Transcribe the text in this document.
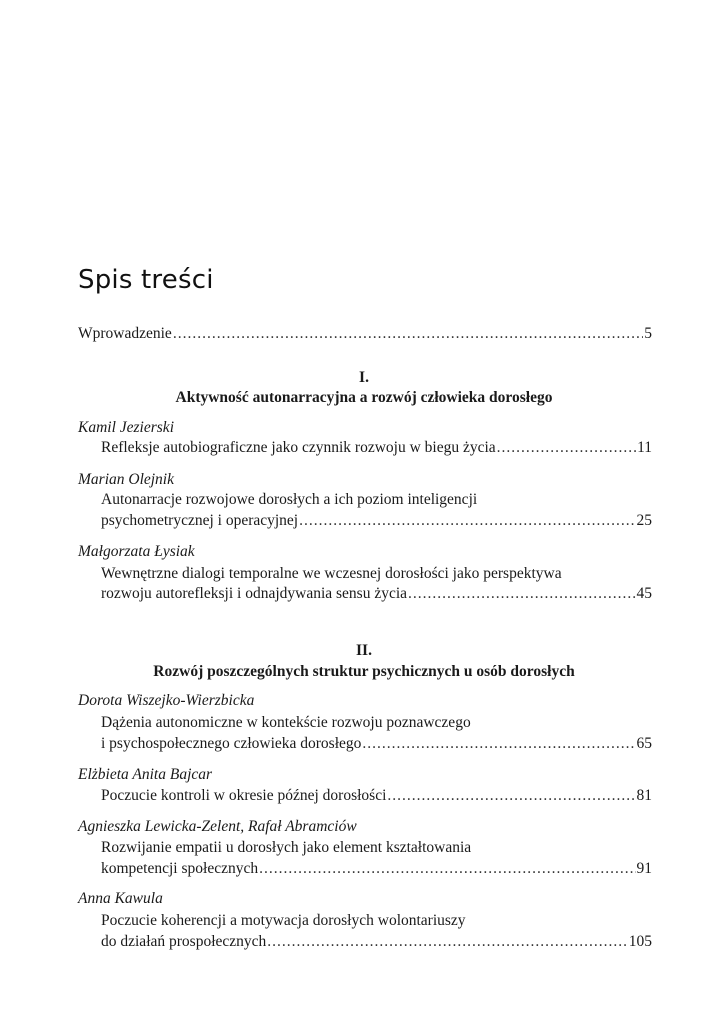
Spis treści
Wprowadzenie .....	5
I.
Aktywność autonarracyjna a rozwój człowieka dorosłego
Kamil Jezierski
Refleksje autobiograficzne jako czynnik rozwoju w biegu życia .....	11
Marian Olejnik
Autonarracje rozwojowe dorosłych a ich poziom inteligencji
psychometrycznej i operacyjnej .....	25
Małgorzata Łysiak
Wewnętrzne dialogi temporalne we wczesnej dorosłości jako perspektywa
rozwoju autorefleksji i odnajdywania sensu życia .....	45
II.
Rozwój poszczególnych struktur psychicznych u osób dorosłych
Dorota Wiszejko-Wierzbicka
Dążenia autonomiczne w kontekście rozwoju poznawczego
i psychospołecznego człowieka dorosłego .....	65
Elżbieta Anita Bajcar
Poczucie kontroli w okresie późnej dorosłości .....	81
Agnieszka Lewicka-Zelent, Rafał Abramciów
Rozwijanie empatii u dorosłych jako element kształtowania
kompetencji społecznych .....	91
Anna Kawula
Poczucie koherencji a motywacja dorosłych wolontariuszy
do działań prospołecznych .....	105
